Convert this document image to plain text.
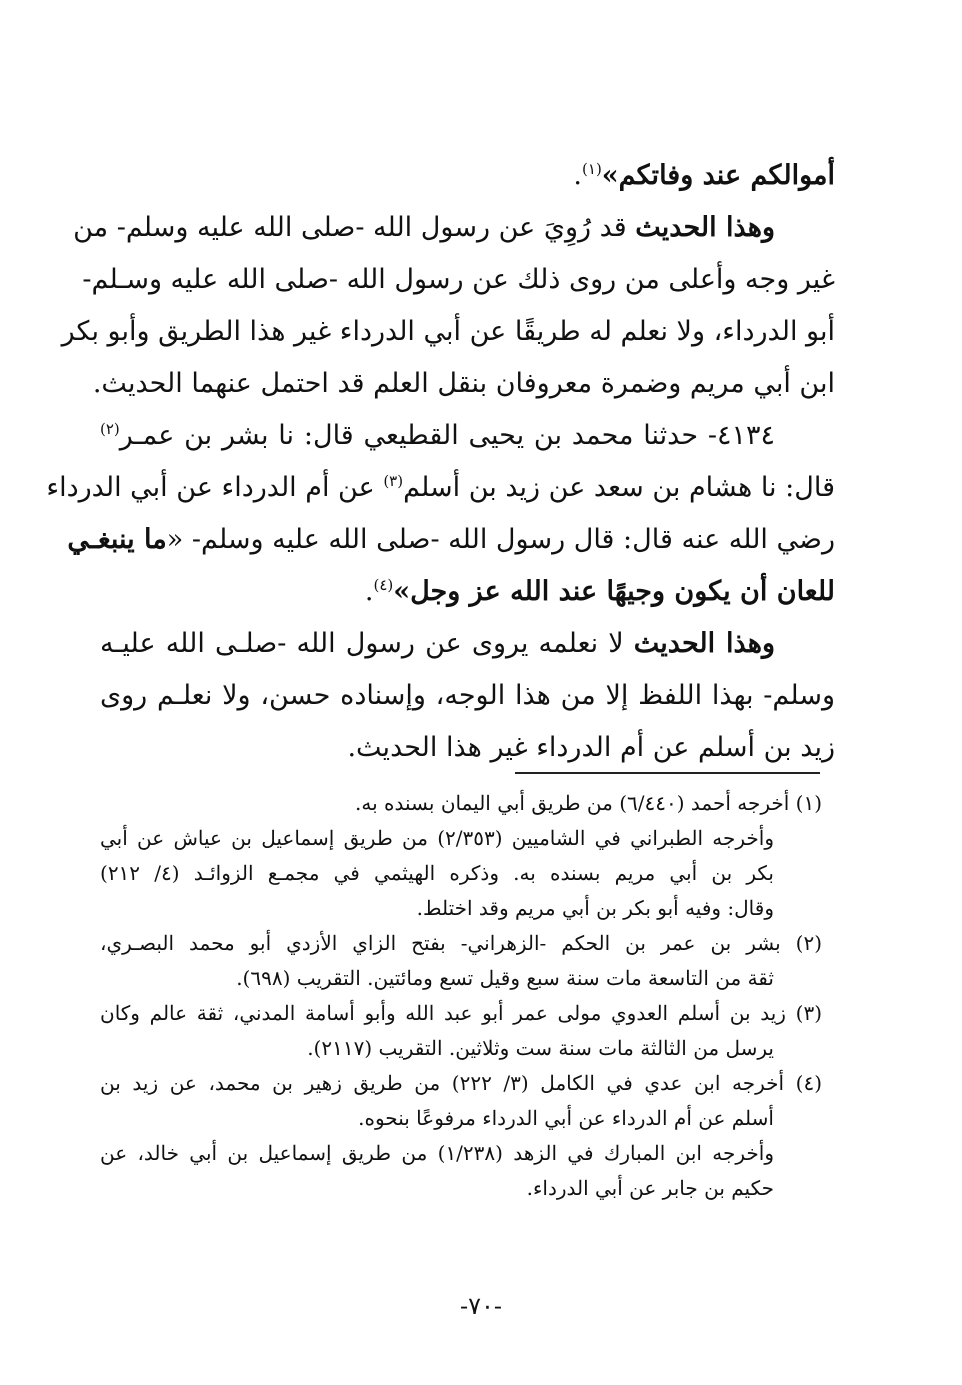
أموالكم عند وفاتكم»$^{(١)}$.
وهذا الحديث قد رُوِيَ عن رسول الله -صلى الله عليه وسلم- من
غير وجه وأعلى من روى ذلك عن رسول الله -صلى الله عليه وسـلم-
أبو الدرداء، ولا نعلم له طريقًا عن أبي الدرداء غير هذا الطريق وأبو بكر
ابن أبي مريم وضمرة معروفان بنقل العلم قد احتمل عنهما الحديث.
٤١٣٤- حدثنا محمد بن يحيى القطيعي قال: نا بشر بن عمـر$^{(٢)}$
قال: نا هشام بن سعد عن زيد بن أسلم$^{(٣)}$ عن أم الدرداء عن أبي الدرداء
رضي الله عنه قال: قال رسول الله -صلى الله عليه وسلم- «ما ينبغـي
للعان أن يكون وجيهًا عند الله عز وجل»$^{(٤)}$.
وهذا الحديث لا نعلمه يروى عن رسول الله -صلـى الله عليـه
وسلم- بهذا اللفظ إلا من هذا الوجه، وإسناده حسن، ولا نعلـم روى
زيد بن أسلم عن أم الدرداء غير هذا الحديث.
(١) أخرجه أحمد (٦/٤٤٠) من طريق أبي اليمان بسنده به.
وأخرجه الطبراني في الشاميين (٢/٣٥٣) من طريق إسماعيل بن عياش عن أبي
بكر بن أبي مريم بسنده به. وذكره الهيثمي في مجمـع الزوائـد (٤/ ٢١٢)
وقال: وفيه أبو بكر بن أبي مريم وقد اختلط.
(٢) بشر بن عمر بن الحكم -الزهراني- بفتح الزاي الأزدي أبو محمد البصـري،
ثقة من التاسعة مات سنة سبع وقيل تسع ومائتين. التقريب (٦٩٨).
(٣) زيد بن أسلم العدوي مولى عمر أبو عبد الله وأبو أسامة المدني، ثقة عالم وكان
يرسل من الثالثة مات سنة ست وثلاثين. التقريب (٢١١٧).
(٤) أخرجه ابن عدي في الكامل (٣/ ٢٢٢) من طريق زهير بن محمد، عن زيد بن
أسلم عن أم الدرداء عن أبي الدرداء مرفوعًا بنحوه.
وأخرجه ابن المبارك في الزهد (١/٢٣٨) من طريق إسماعيل بن أبي خالد، عن
حكيم بن جابر عن أبي الدرداء.
-٧٠-
